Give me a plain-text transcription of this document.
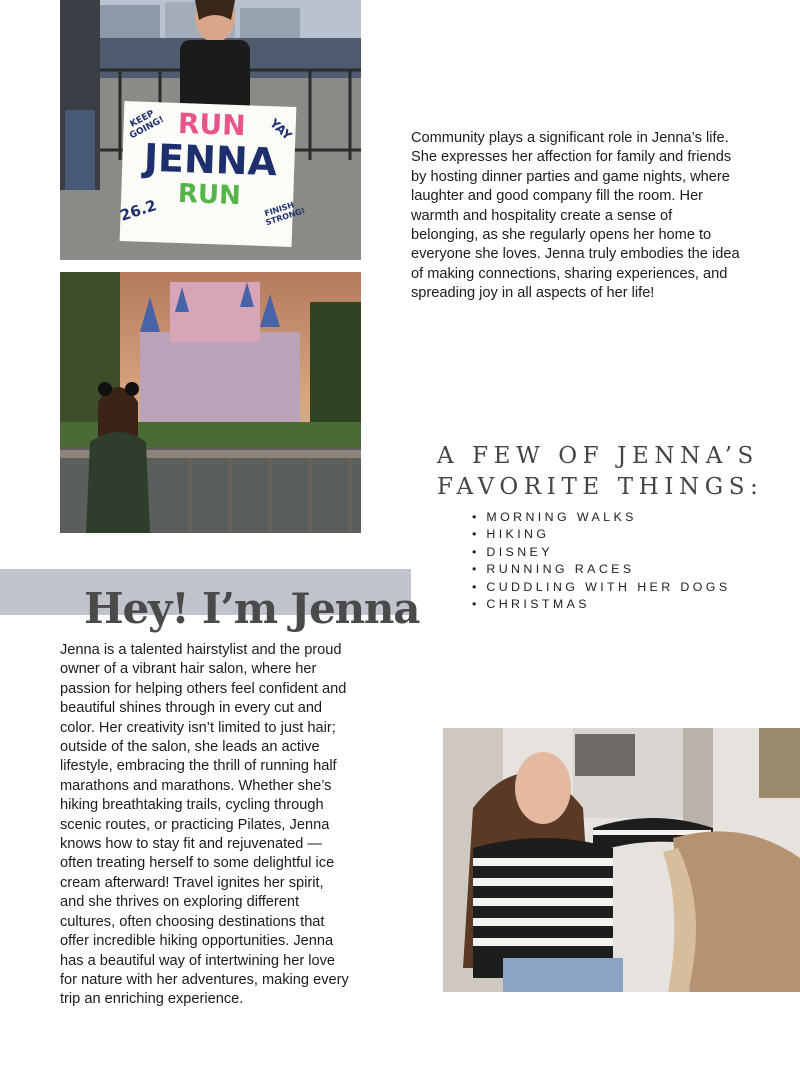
RUN
JENNA
RUN
KEEP GOING!	YAY
26.2	FINISH STRONG!

Community plays a significant role in Jenna’s life. She expresses her affection for family and friends by hosting dinner parties and game nights, where laughter and good company fill the room. Her warmth and hospitality create a sense of belonging, as she regularly opens her home to everyone she loves. Jenna truly embodies the idea of making connections, sharing experiences, and spreading joy in all aspects of her life!

A FEW OF JENNA’S FAVORITE THINGS:
• MORNING WALKS
• HIKING
• DISNEY
• RUNNING RACES
• CUDDLING WITH HER DOGS
• CHRISTMAS
Hey! I’m Jenna

Jenna is a talented hairstylist and the proud owner of a vibrant hair salon, where her passion for helping others feel confident and beautiful shines through in every cut and color. Her creativity isn’t limited to just hair; outside of the salon, she leads an active lifestyle, embracing the thrill of running half marathons and marathons. Whether she’s hiking breathtaking trails, cycling through scenic routes, or practicing Pilates, Jenna knows how to stay fit and rejuvenated — often treating herself to some delightful ice cream afterward! Travel ignites her spirit, and she thrives on exploring different cultures, often choosing destinations that offer incredible hiking opportunities. Jenna has a beautiful way of intertwining her love for nature with her adventures, making every trip an enriching experience.
